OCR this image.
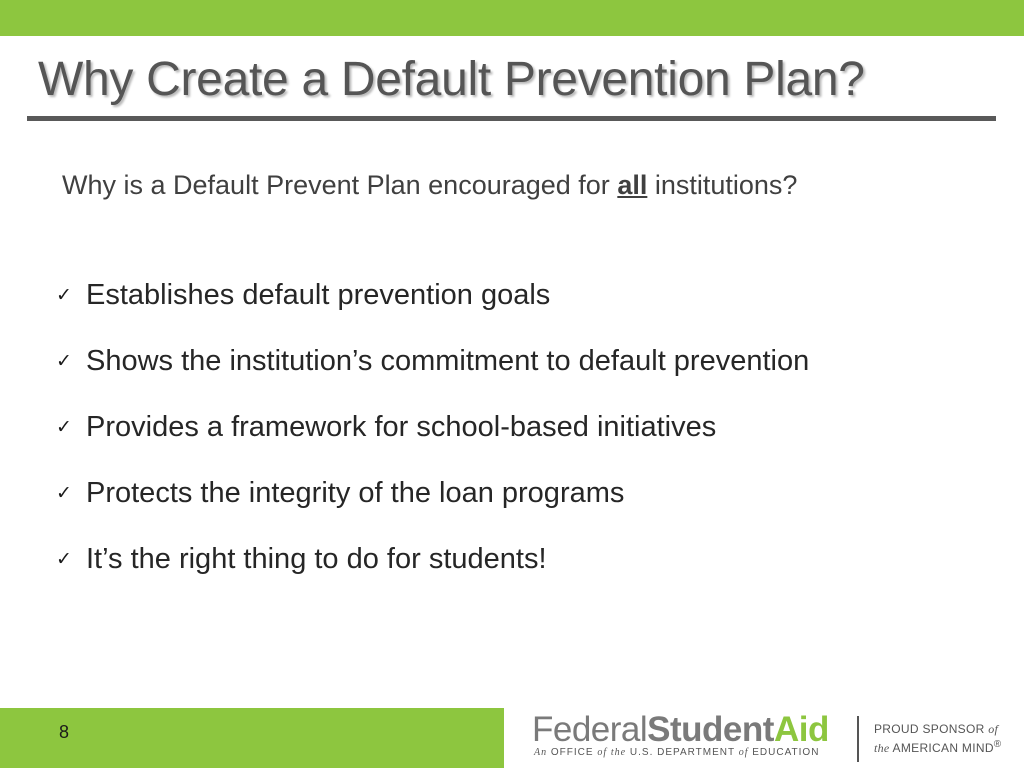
Why Create a Default Prevention Plan?
Why is a Default Prevent Plan encouraged for all institutions?
✓ Establishes default prevention goals
✓ Shows the institution’s commitment to default prevention
✓ Provides a framework for school-based initiatives
✓ Protects the integrity of the loan programs
✓ It’s the right thing to do for students!
8	FederalStudentAid
An OFFICE of the U.S. DEPARTMENT of EDUCATION
PROUD SPONSOR of
the AMERICAN MIND®
